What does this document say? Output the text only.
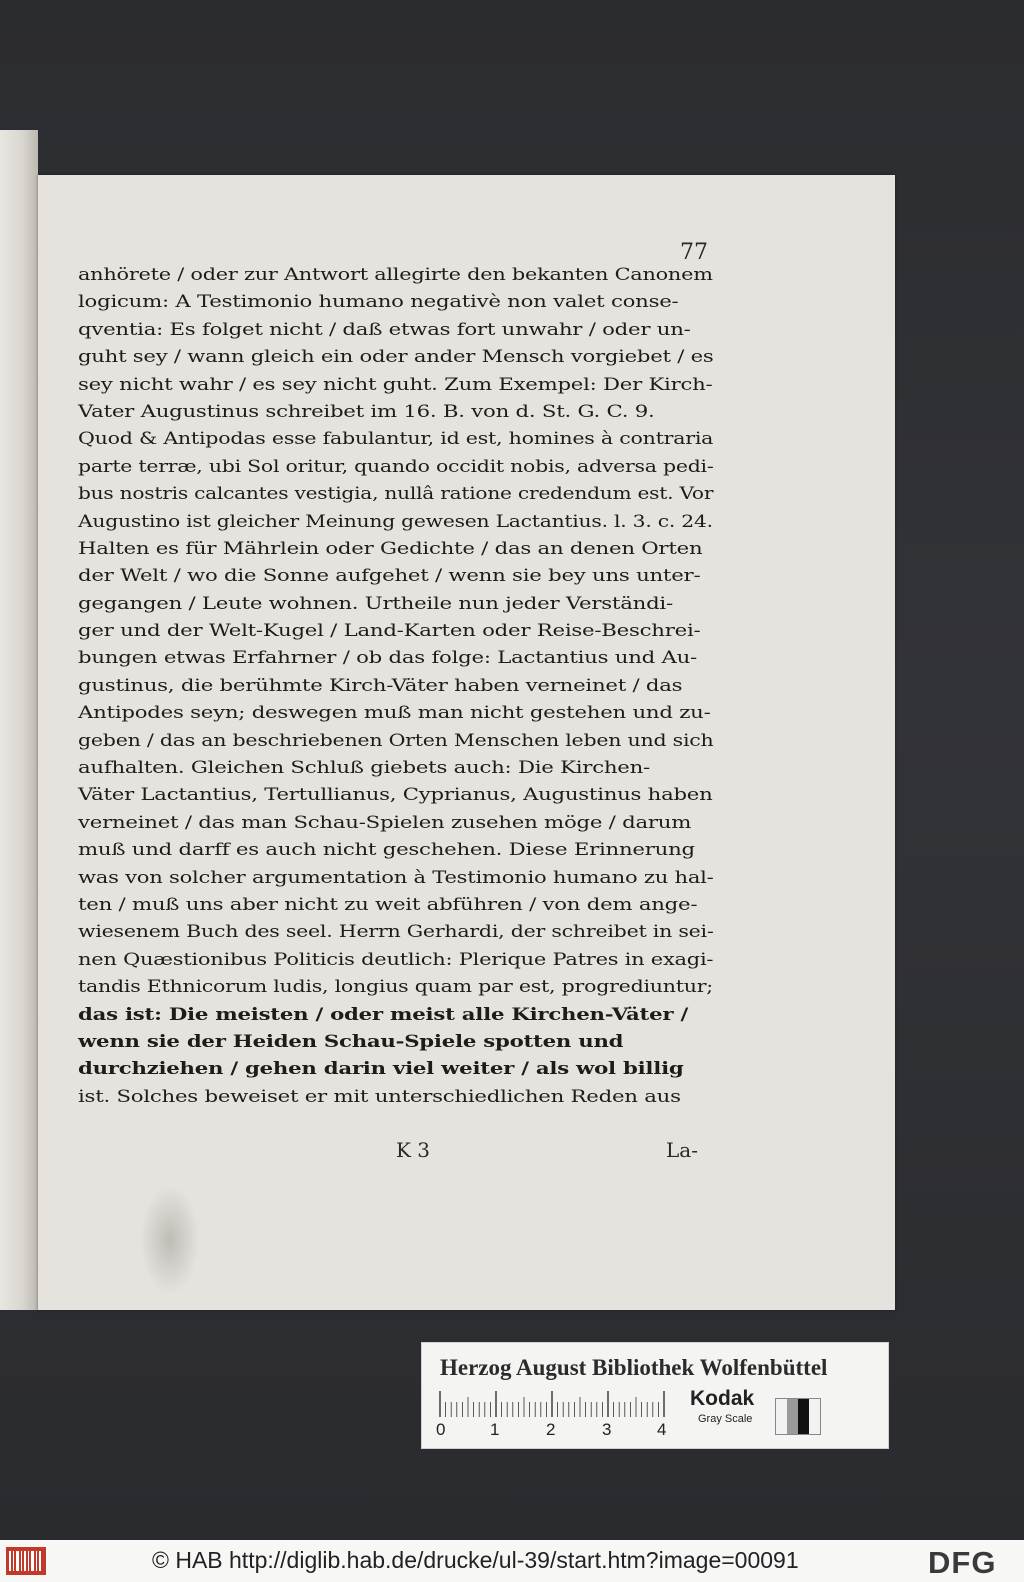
77
anhörete / oder zur Antwort allegirte den bekanten Canonem
logicum: A Testimonio humano negativè non valet conse-
qventia: Es folget nicht / daß etwas fort unwahr / oder un-
guht sey / wann gleich ein oder ander Mensch vorgiebet / es
sey nicht wahr / es sey nicht guht. Zum Exempel: Der Kirch-
Vater Augustinus schreibet im 16. B. von d. St. G. C. 9.
Quod & Antipodas esse fabulantur, id est, homines à contraria
parte terræ, ubi Sol oritur, quando occidit nobis, adversa pedi-
bus nostris calcantes vestigia, nullâ ratione credendum est. Vor
Augustino ist gleicher Meinung gewesen Lactantius. l. 3. c. 24.
Halten es für Mährlein oder Gedichte / das an denen Orten
der Welt / wo die Sonne aufgehet / wenn sie bey uns unter-
gegangen / Leute wohnen. Urtheile nun jeder Verständi-
ger und der Welt-Kugel / Land-Karten oder Reise-Beschrei-
bungen etwas Erfahrner / ob das folge: Lactantius und Au-
gustinus, die berühmte Kirch-Väter haben verneinet / das
Antipodes seyn; deswegen muß man nicht gestehen und zu-
geben / das an beschriebenen Orten Menschen leben und sich
aufhalten. Gleichen Schluß giebets auch: Die Kirchen-
Väter Lactantius, Tertullianus, Cyprianus, Augustinus haben
verneinet / das man Schau-Spielen zusehen möge / darum
muß und darff es auch nicht geschehen. Diese Erinnerung
was von solcher argumentation à Testimonio humano zu hal-
ten / muß uns aber nicht zu weit abführen / von dem ange-
wiesenem Buch des seel. Herrn Gerhardi, der schreibet in sei-
nen Quæstionibus Politicis deutlich: Plerique Patres in exagi-
tandis Ethnicorum ludis, longius quam par est, progrediuntur;
das ist: Die meisten / oder meist alle Kirchen-Väter /
wenn sie der Heiden Schau-Spiele spotten und
durchziehen / gehen darin viel weiter / als wol billig
ist. Solches beweiset er mit unterschiedlichen Reden aus
K 3	La-
Herzog August Bibliothek Wolfenbüttel
0	1	2	3	4
Kodak
Gray Scale
© HAB http://diglib.hab.de/drucke/ul-39/start.htm?image=00091	DFG
